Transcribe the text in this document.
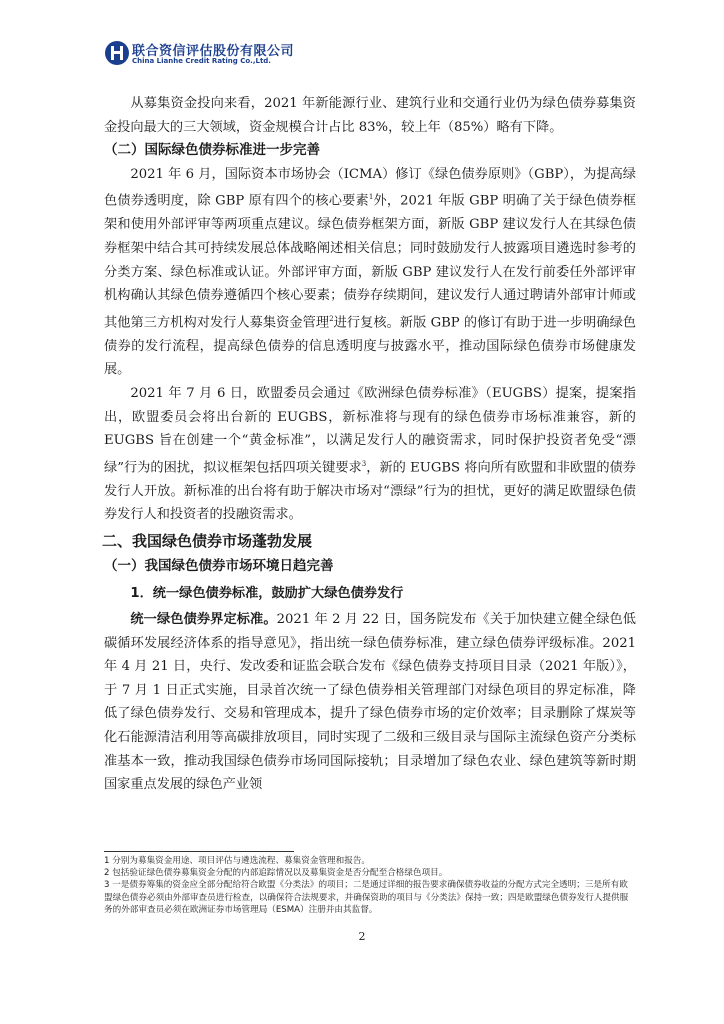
联合资信评估股份有限公司
China Lianhe Credit Rating Co.,Ltd.

从募集资金投向来看，2021 年新能源行业、建筑行业和交通行业仍为绿色债券募集资金投向最大的三大领域，资金规模合计占比 83%，较上年（85%）略有下降。

（二）国际绿色债券标准进一步完善

2021 年 6 月，国际资本市场协会（ICMA）修订《绿色债券原则》（GBP），为提高绿色债券透明度，除 GBP 原有四个的核心要素$^1$外，2021 年版 GBP 明确了关于绿色债券框架和使用外部评审等两项重点建议。绿色债券框架方面，新版 GBP 建议发行人在其绿色债券框架中结合其可持续发展总体战略阐述相关信息；同时鼓励发行人披露项目遴选时参考的分类方案、绿色标准或认证。外部评审方面，新版 GBP 建议发行人在发行前委任外部评审机构确认其绿色债券遵循四个核心要素；债券存续期间，建议发行人通过聘请外部审计师或其他第三方机构对发行人募集资金管理$^2$进行复核。新版 GBP 的修订有助于进一步明确绿色债券的发行流程，提高绿色债券的信息透明度与披露水平，推动国际绿色债券市场健康发展。

2021 年 7 月 6 日，欧盟委员会通过《欧洲绿色债券标准》（EUGBS）提案，提案指出，欧盟委员会将出台新的 EUGBS，新标准将与现有的绿色债券市场标准兼容，新的 EUGBS 旨在创建一个“黄金标准”，以满足发行人的融资需求，同时保护投资者免受“漂绿”行为的困扰，拟议框架包括四项关键要求$^3$，新的 EUGBS 将向所有欧盟和非欧盟的债券发行人开放。新标准的出台将有助于解决市场对“漂绿”行为的担忧，更好的满足欧盟绿色债券发行人和投资者的投融资需求。

二、我国绿色债券市场蓬勃发展
（一）我国绿色债券市场环境日趋完善
1．统一绿色债券标准，鼓励扩大绿色债券发行

统一绿色债券界定标准。2021 年 2 月 22 日，国务院发布《关于加快建立健全绿色低碳循环发展经济体系的指导意见》，指出统一绿色债券标准，建立绿色债券评级标准。2021 年 4 月 21 日，央行、发改委和证监会联合发布《绿色债券支持项目目录（2021 年版）》，于 7 月 1 日正式实施，目录首次统一了绿色债券相关管理部门对绿色项目的界定标准，降低了绿色债券发行、交易和管理成本，提升了绿色债券市场的定价效率；目录删除了煤炭等化石能源清洁利用等高碳排放项目，同时实现了二级和三级目录与国际主流绿色资产分类标准基本一致，推动我国绿色债券市场同国际接轨；目录增加了绿色农业、绿色建筑等新时期国家重点发展的绿色产业领

1 分别为募集资金用途、项目评估与遴选流程、募集资金管理和报告。
2 包括验证绿色债券募集资金分配的内部追踪情况以及募集资金是否分配至合格绿色项目。
3 一是债券筹集的资金应全部分配给符合欧盟《分类法》的项目；二是通过详细的报告要求确保债券收益的分配方式完全透明；三是所有欧盟绿色债券必须由外部审查员进行检查，以确保符合法规要求，并确保资助的项目与《分类法》保持一致；四是欧盟绿色债券发行人提供服务的外部审查员必须在欧洲证券市场管理局（ESMA）注册并由其监督。
2
